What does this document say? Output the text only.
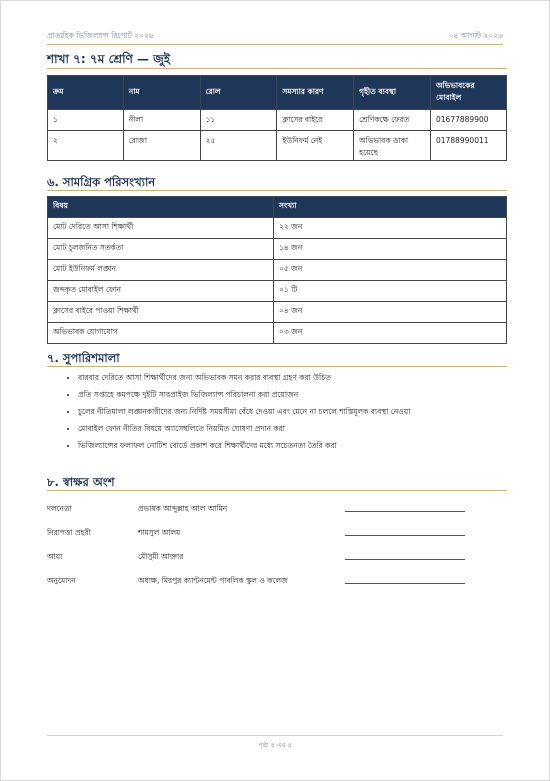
প্রাত্যহিক ভিজিল্যান্স রিপোর্ট ২০২৬	০৪ আগস্ট ২০২৬
শাখা ৭: ৭ম শ্রেণি — জুই
ক্রম	নাম	রোল	সমস্যার কারণ	গৃহীত ব্যবস্থা	অভিভাবকের মোবাইল
১	নীলা	১১	ক্লাসের বাইরে	শ্রেণিকক্ষে ফেরত	01677889900
২	রোজা	২৫	ইউনিফর্ম নেই	অভিভাবক ডাকা হয়েছে	01788990011
৬. সামগ্রিক পরিসংখ্যান
বিষয়	সংখ্যা
মোট দেরিতে আসা শিক্ষার্থী	২২ জন
মোট চুলজনিত সতর্কতা	১৪ জন
মোট ইউনিফর্ম লঙ্ঘন	০৫ জন
জব্দকৃত মোবাইল ফোন	০১ টি
ক্লাসের বাইরে পাওয়া শিক্ষার্থী	০৪ জন
অভিভাবক যোগাযোগ	০৩ জন
৭. সুপারিশমালা
• বারবার দেরিতে আসা শিক্ষার্থীদের জন্য অভিভাবক সমন করার ব্যবস্থা গ্রহণ করা উচিত
• প্রতি সপ্তাহে কমপক্ষে দুইটি সারপ্রাইজ ভিজিল্যান্স পরিচালনা করা প্রয়োজন
• চুলের নীতিমালা লঙ্ঘনকারীদের জন্য নির্দিষ্ট সময়সীমা বেঁধে দেওয়া এবং মেনে না চললে শাস্তিমূলক ব্যবস্থা নেওয়া
• মোবাইল ফোন নীতির বিষয়ে অ্যাসেম্বলিতে নিয়মিত ঘোষণা প্রদান করা
• ভিজিল্যান্সের ফলাফল নোটিশ বোর্ডে প্রকাশ করে শিক্ষার্থীদের মধ্যে সচেতনতা তৈরি করা
৮. স্বাক্ষর অংশ
দলনেতা	প্রভাষক আব্দুল্লাহ আল আমিন
নিরাপত্তা প্রহরী	শামসুল আলম
আয়া	মৌসুমী আক্তার
অনুমোদন	অধ্যক্ষ, মিরপুর ক্যান্টনমেন্ট পাবলিক স্কুল ও কলেজ
পৃষ্ঠা ৪ এর ৪
